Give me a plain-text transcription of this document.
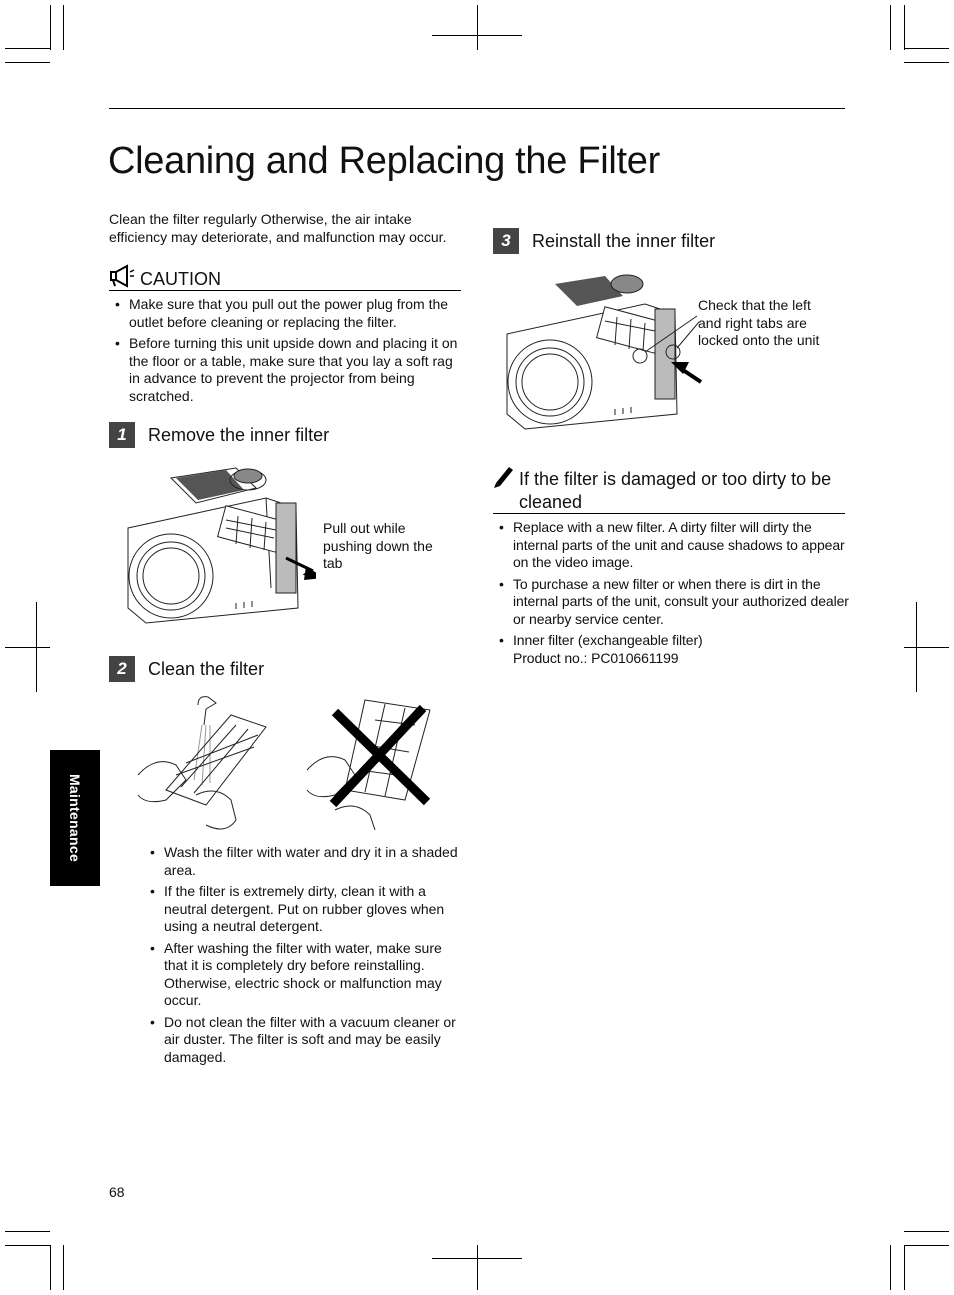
Cleaning and Replacing the Filter
Clean the filter regularly Otherwise, the air intake efficiency may deteriorate, and malfunction may occur.
CAUTION
• Make sure that you pull out the power plug from the outlet before cleaning or replacing the filter.
• Before turning this unit upside down and placing it on the floor or a table, make sure that you lay a soft rag in advance to prevent the projector from being scratched.
1	Remove the inner filter
Pull out while pushing down the tab
2	Clean the filter
• Wash the filter with water and dry it in a shaded area.
• If the filter is extremely dirty, clean it with a neutral detergent. Put on rubber gloves when using a neutral detergent.
• After washing the filter with water, make sure that it is completely dry before reinstalling. Otherwise, electric shock or malfunction may occur.
• Do not clean the filter with a vacuum cleaner or air duster. The filter is soft and may be easily damaged.
3	Reinstall the inner filter
Check that the left and right tabs are locked onto the unit
If the filter is damaged or too dirty to be cleaned
• Replace with a new filter. A dirty filter will dirty the internal parts of the unit and cause shadows to appear on the video image.
• To purchase a new filter or when there is dirt in the internal parts of the unit, consult your authorized dealer or nearby service center.
• Inner filter (exchangeable filter)
Product no.: PC010661199
Maintenance
68
